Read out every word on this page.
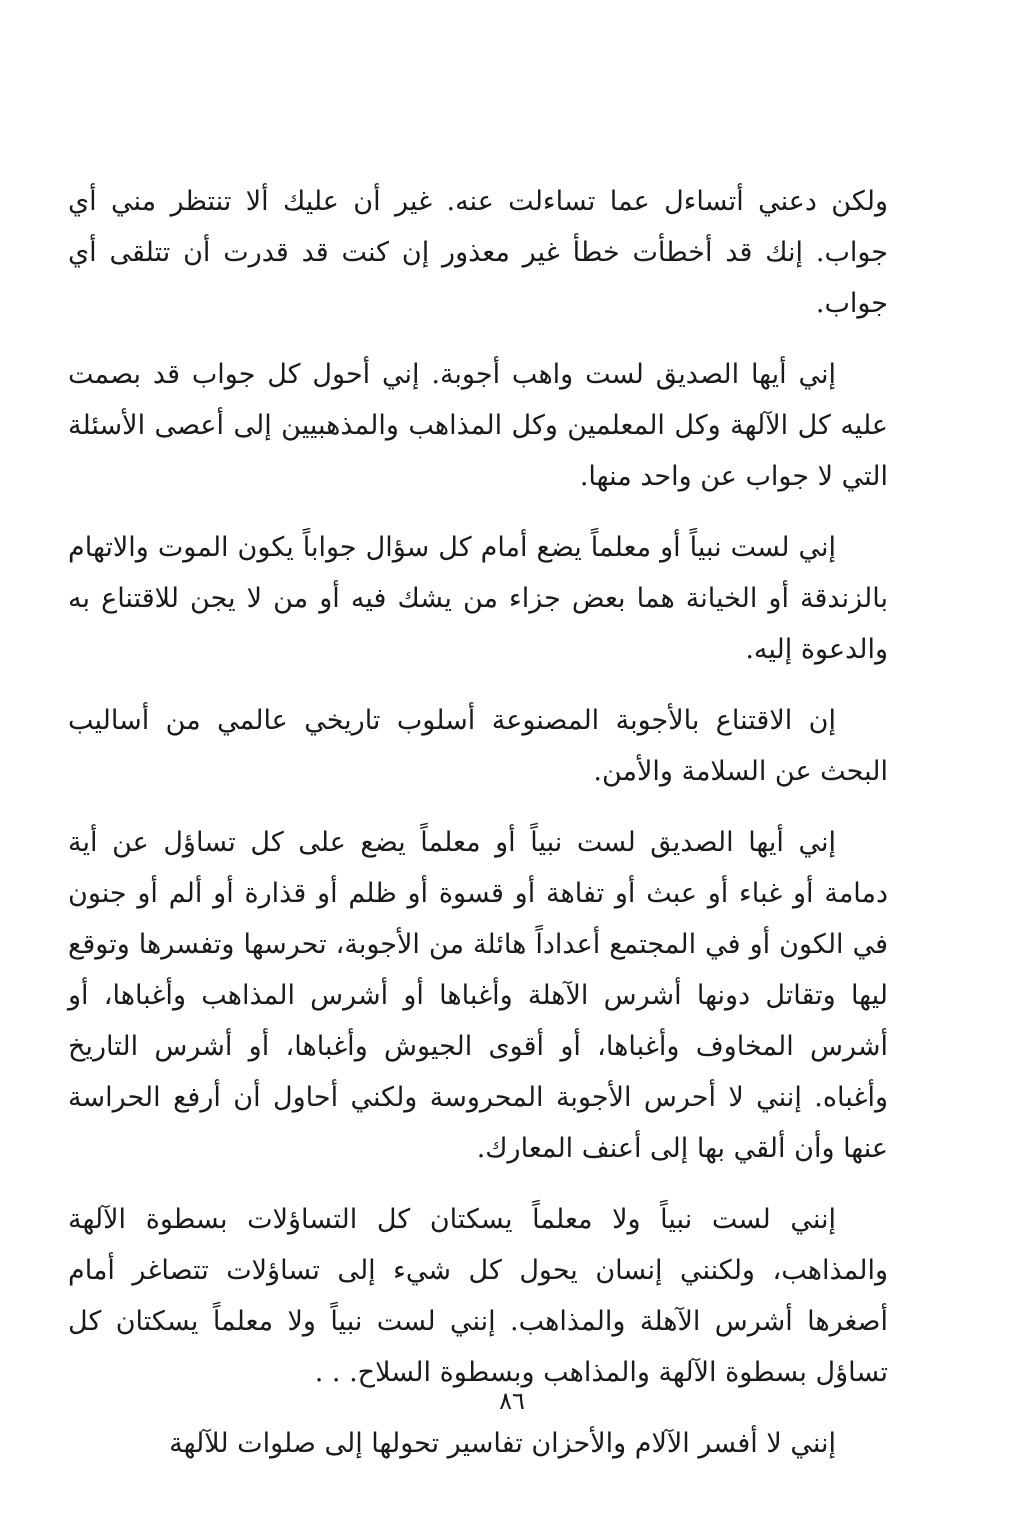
ولكن دعني أتساءل عما تساءلت عنه. غير أن عليك ألا تنتظر مني أي جواب. إنك قد أخطأت خطأ غير معذور إن كنت قد قدرت أن تتلقى أي جواب.

إني أيها الصديق لست واهب أجوبة. إني أحول كل جواب قد بصمت عليه كل الآلهة وكل المعلمين وكل المذاهب والمذهبيين إلى أعصى الأسئلة التي لا جواب عن واحد منها.

إني لست نبياً أو معلماً يضع أمام كل سؤال جواباً يكون الموت والاتهام بالزندقة أو الخيانة هما بعض جزاء من يشك فيه أو من لا يجن للاقتناع به والدعوة إليه.

إن الاقتناع بالأجوبة المصنوعة أسلوب تاريخي عالمي من أساليب البحث عن السلامة والأمن.

إني أيها الصديق لست نبياً أو معلماً يضع على كل تساؤل عن أية دمامة أو غباء أو عبث أو تفاهة أو قسوة أو ظلم أو قذارة أو ألم أو جنون في الكون أو في المجتمع أعداداً هائلة من الأجوبة، تحرسها وتفسرها وتوقع ليها وتقاتل دونها أشرس الآهلة وأغباها أو أشرس المذاهب وأغباها، أو أشرس المخاوف وأغباها، أو أقوى الجيوش وأغباها، أو أشرس التاريخ وأغباه. إنني لا أحرس الأجوبة المحروسة ولكني أحاول أن أرفع الحراسة عنها وأن ألقي بها إلى أعنف المعارك.

إنني لست نبياً ولا معلماً يسكتان كل التساؤلات بسطوة الآلهة والمذاهب، ولكنني إنسان يحول كل شيء إلى تساؤلات تتصاغر أمام أصغرها أشرس الآهلة والمذاهب. إنني لست نبياً ولا معلماً يسكتان كل تساؤل بسطوة الآلهة والمذاهب وبسطوة السلاح. . .

إنني لا أفسر الآلام والأحزان تفاسير تحولها إلى صلوات للآلهة

٨٦
